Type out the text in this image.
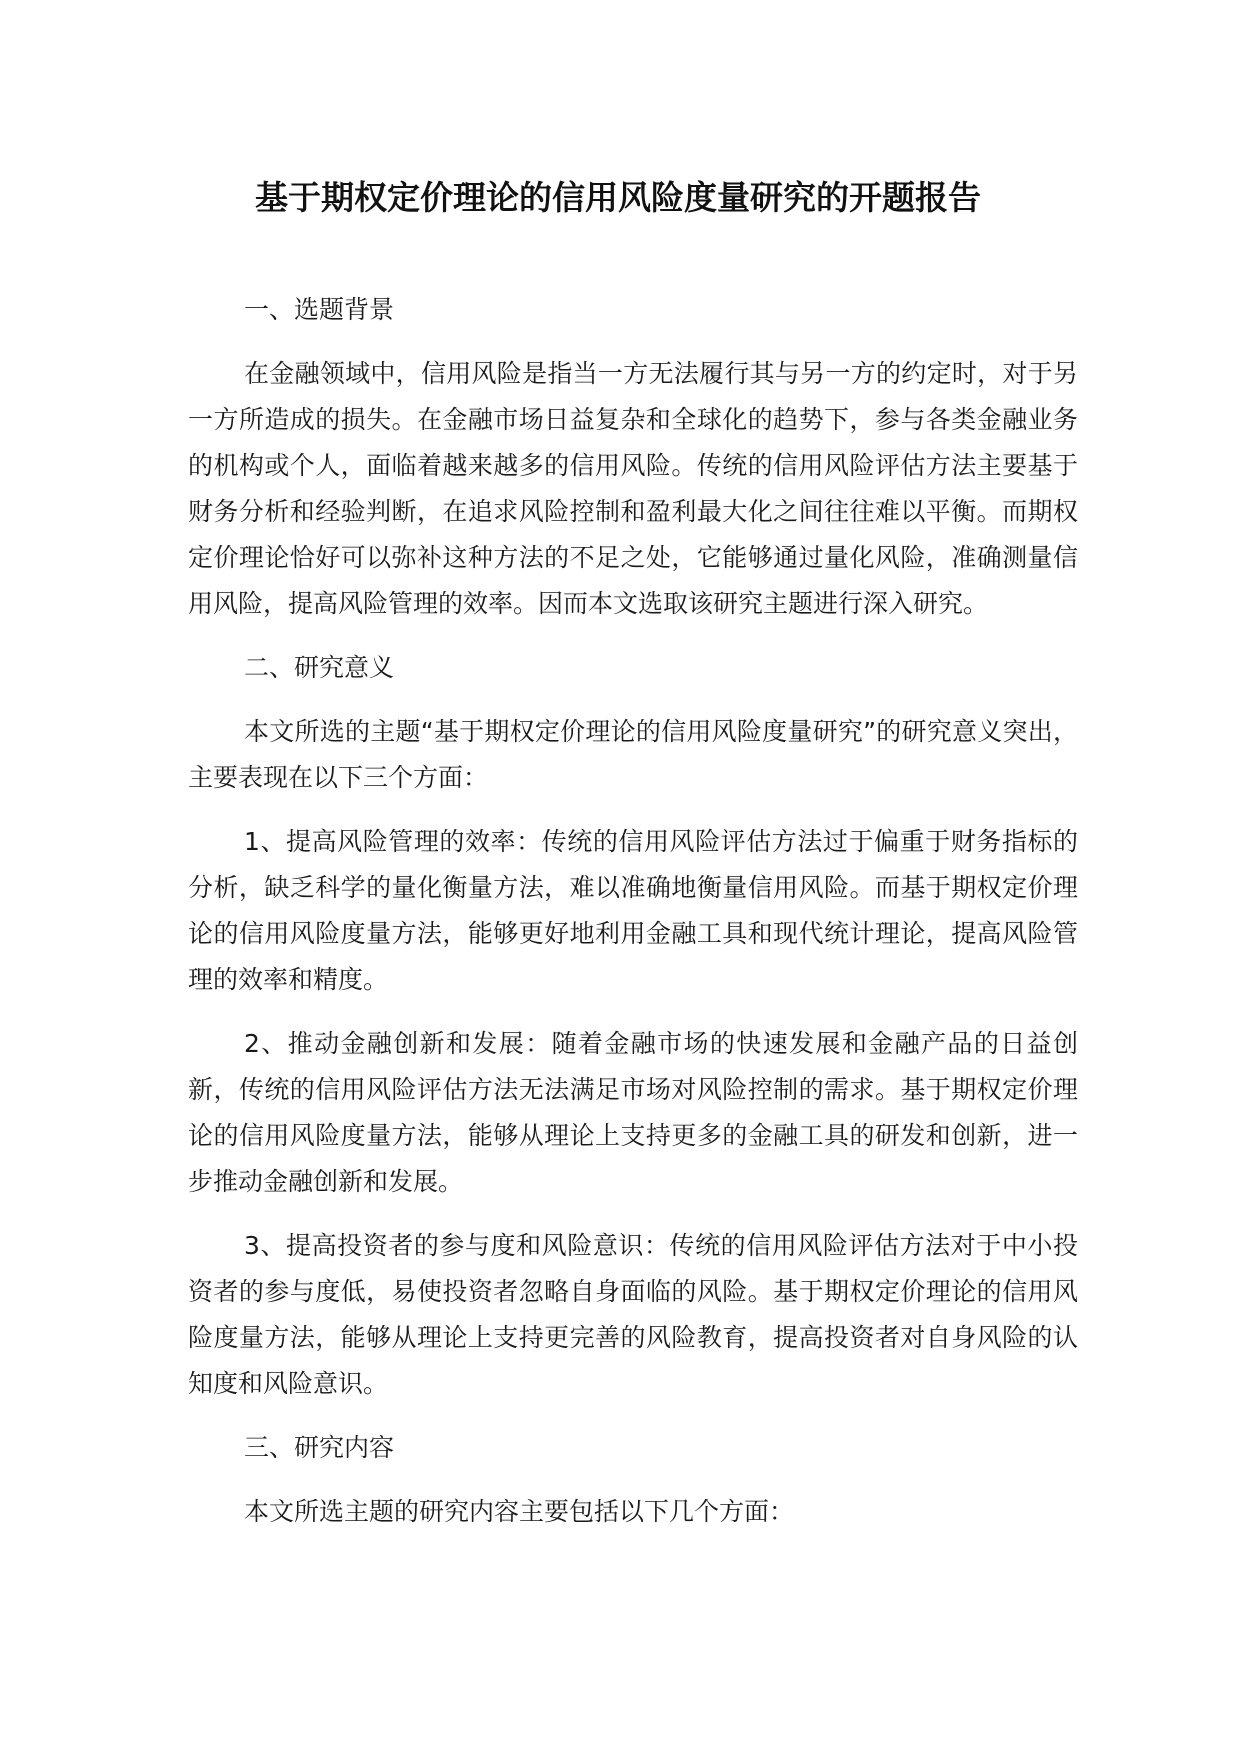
基于期权定价理论的信用风险度量研究的开题报告

一、选题背景

在金融领域中，信用风险是指当一方无法履行其与另一方的约定时，对于另一方所造成的损失。在金融市场日益复杂和全球化的趋势下，参与各类金融业务的机构或个人，面临着越来越多的信用风险。传统的信用风险评估方法主要基于财务分析和经验判断，在追求风险控制和盈利最大化之间往往难以平衡。而期权定价理论恰好可以弥补这种方法的不足之处，它能够通过量化风险，准确测量信用风险，提高风险管理的效率。因而本文选取该研究主题进行深入研究。

二、研究意义

本文所选的主题“基于期权定价理论的信用风险度量研究”的研究意义突出，主要表现在以下三个方面：

1、提高风险管理的效率：传统的信用风险评估方法过于偏重于财务指标的分析，缺乏科学的量化衡量方法，难以准确地衡量信用风险。而基于期权定价理论的信用风险度量方法，能够更好地利用金融工具和现代统计理论，提高风险管理的效率和精度。

2、推动金融创新和发展：随着金融市场的快速发展和金融产品的日益创新，传统的信用风险评估方法无法满足市场对风险控制的需求。基于期权定价理论的信用风险度量方法，能够从理论上支持更多的金融工具的研发和创新，进一步推动金融创新和发展。

3、提高投资者的参与度和风险意识：传统的信用风险评估方法对于中小投资者的参与度低，易使投资者忽略自身面临的风险。基于期权定价理论的信用风险度量方法，能够从理论上支持更完善的风险教育，提高投资者对自身风险的认知度和风险意识。

三、研究内容

本文所选主题的研究内容主要包括以下几个方面：
